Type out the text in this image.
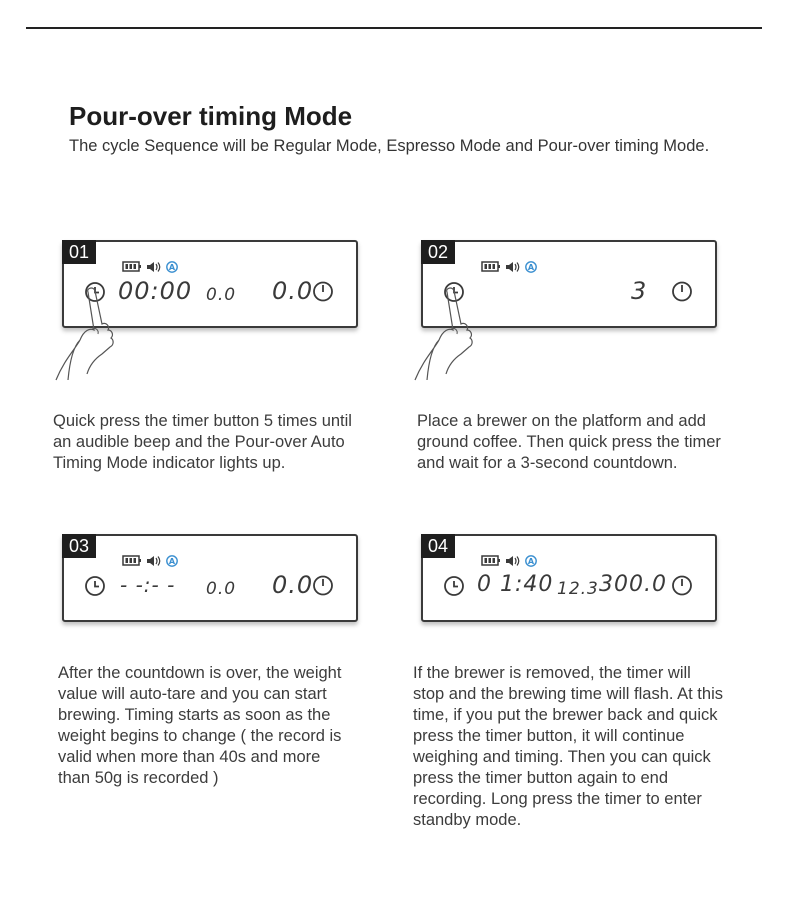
Pour-over timing Mode
The cycle Sequence will be Regular Mode, Espresso Mode and Pour-over timing Mode.
01
A
00:00 0.0 0.0

Quick press the timer button 5 times until

an audible beep and the Pour-over Auto

Timing Mode indicator lights up.

02
A
3

Place a brewer on the platform and add

ground coffee. Then quick press the timer

and wait for a 3-second countdown.

03
A
- -:- - 0.0 0.0

After the countdown is over, the weight

value will auto-tare and you can start

brewing. Timing starts as soon as the

weight begins to change ( the record is

valid when more than 40s and more

than 50g is recorded )

04
A
0 1:40 12.3 300.0

If the brewer is removed, the timer will

stop and the brewing time will flash. At this

time, if you put the brewer back and quick

press the timer button, it will continue

weighing and timing. Then you can quick

press the timer button again to end

recording. Long press the timer to enter

standby mode.
